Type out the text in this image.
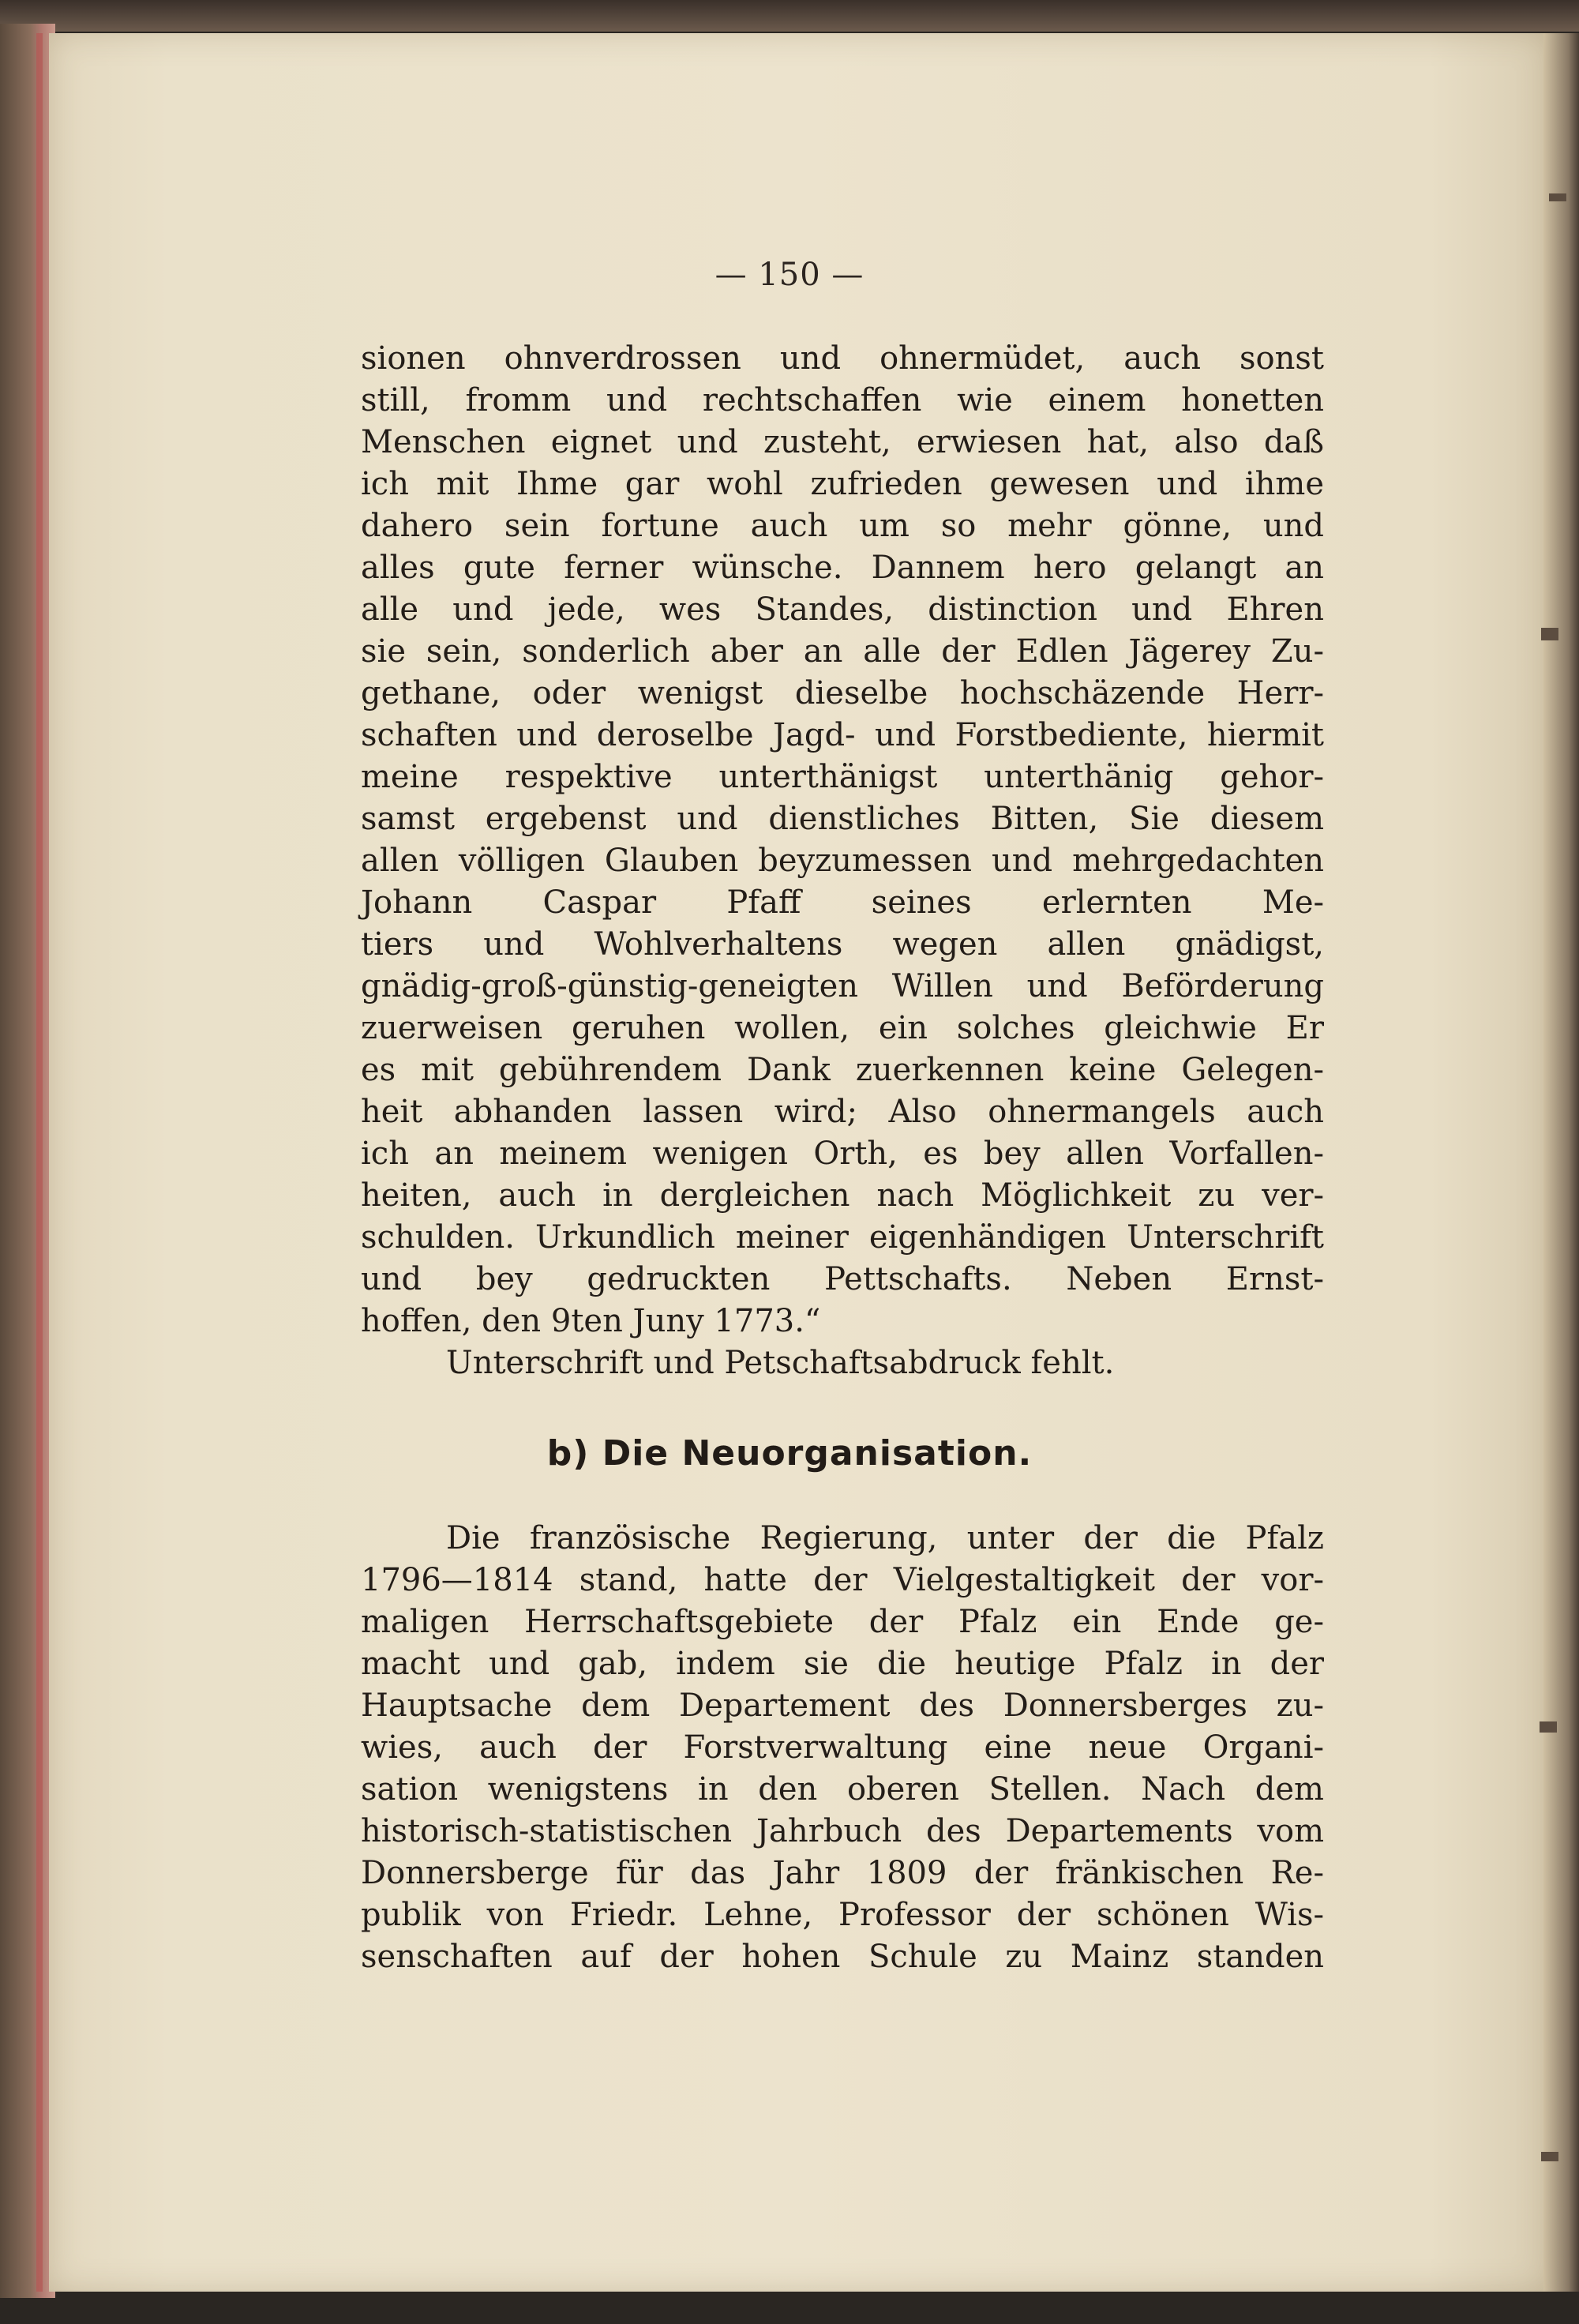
— 150 —
sionen ohnverdrossen und ohnermüdet, auch sonst
still, fromm und rechtschaffen wie einem honetten
Menschen eignet und zusteht, erwiesen hat, also daß
ich mit Ihme gar wohl zufrieden gewesen und ihme
dahero sein fortune auch um so mehr gönne, und
alles gute ferner wünsche. Dannem hero gelangt an
alle und jede, wes Standes, distinction und Ehren
sie sein, sonderlich aber an alle der Edlen Jägerey Zu-
gethane, oder wenigst dieselbe hochschäzende Herr-
schaften und deroselbe Jagd- und Forstbediente, hiermit
meine respektive unterthänigst unterthänig gehor-
samst ergebenst und dienstliches Bitten, Sie diesem
allen völligen Glauben beyzumessen und mehrgedachten
Johann Caspar Pfaff seines erlernten Me-
tiers und Wohlverhaltens wegen allen gnädigst,
gnädig-groß-günstig-geneigten Willen und Beförderung
zuerweisen geruhen wollen, ein solches gleichwie Er
es mit gebührendem Dank zuerkennen keine Gelegen-
heit abhanden lassen wird; Also ohnermangels auch
ich an meinem wenigen Orth, es bey allen Vorfallen-
heiten, auch in dergleichen nach Möglichkeit zu ver-
schulden. Urkundlich meiner eigenhändigen Unterschrift
und bey gedruckten Pettschafts. Neben Ernst-
hoffen, den 9ten Juny 1773.“
Unterschrift und Petschaftsabdruck fehlt.
b) Die Neuorganisation.
Die französische Regierung, unter der die Pfalz
1796—1814 stand, hatte der Vielgestaltigkeit der vor-
maligen Herrschaftsgebiete der Pfalz ein Ende ge-
macht und gab, indem sie die heutige Pfalz in der
Hauptsache dem Departement des Donnersberges zu-
wies, auch der Forstverwaltung eine neue Organi-
sation wenigstens in den oberen Stellen. Nach dem
historisch-statistischen Jahrbuch des Departements vom
Donnersberge für das Jahr 1809 der fränkischen Re-
publik von Friedr. Lehne, Professor der schönen Wis-
senschaften auf der hohen Schule zu Mainz standen
